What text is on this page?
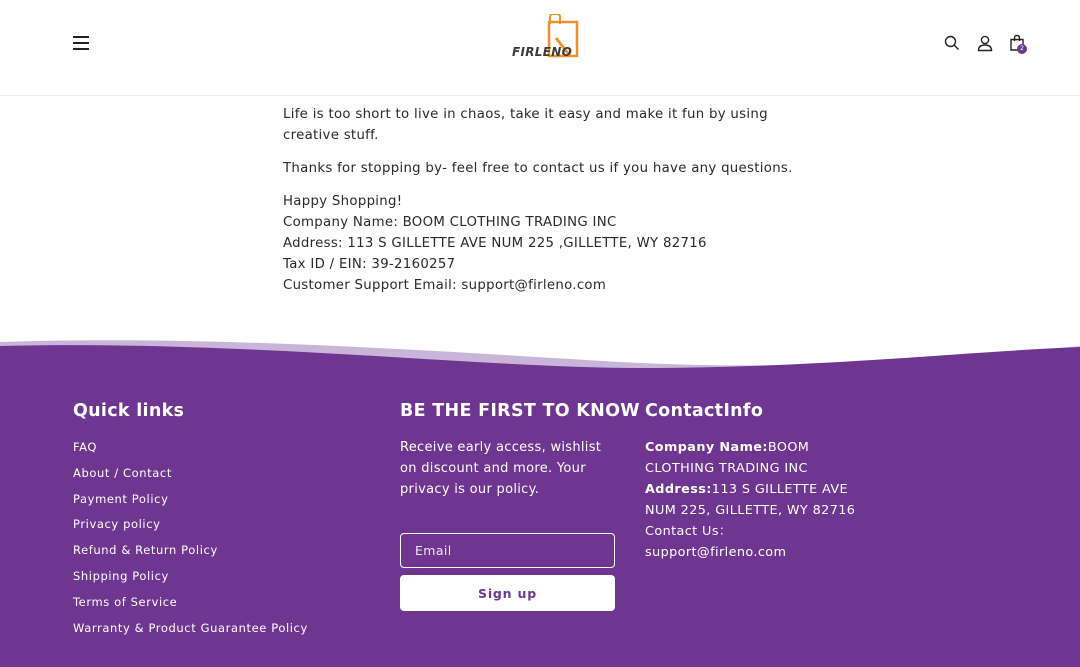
FIRLENO	2

Life is too short to live in chaos, take it easy and make it fun by using creative stuff.

Thanks for stopping by- feel free to contact us if you have any questions.

Happy Shopping!
Company Name: BOOM CLOTHING TRADING INC
Address: 113 S GILLETTE AVE NUM 225 ,GILLETTE, WY 82716
Tax ID / EIN: 39-2160257
Customer Support Email: support@firleno.com
Quick links
FAQ
About / Contact
Payment Policy
Privacy policy
Refund & Return Policy
Shipping Policy
Terms of Service
Warranty & Product Guarantee Policy
BE THE FIRST TO KNOW
Receive early access, wishlist on discount and more. Your privacy is our policy.
Email
Sign up
ContactInfo
Company Name:BOOM CLOTHING TRADING INC
Address:113 S GILLETTE AVE NUM 225, GILLETTE, WY 82716
Contact Us：
support@firleno.com
